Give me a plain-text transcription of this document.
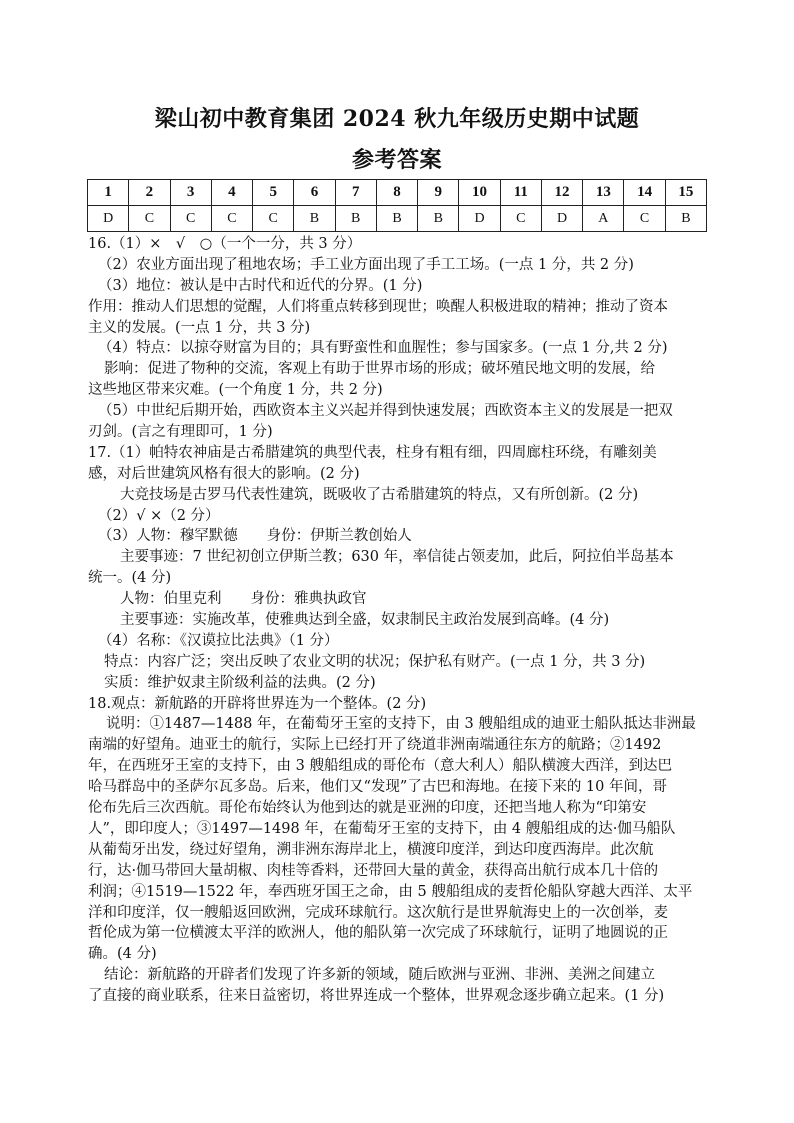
梁山初中教育集团 2024 秋九年级历史期中试题
参考答案
1	2	3	4	5	6	7	8	9	10	11	12	13	14	15
D	C	C	C	C	B	B	B	B	D	C	D	A	C	B
16.（1）×　√　○（一个一分，共 3 分）
（2）农业方面出现了租地农场；手工业方面出现了手工工场。(一点 1 分，共 2 分)
（3）地位：被认是中古时代和近代的分界。(1 分)
作用：推动人们思想的觉醒，人们将重点转移到现世；唤醒人积极进取的精神；推动了资本
主义的发展。(一点 1 分，共 3 分)
（4）特点：以掠夺财富为目的；具有野蛮性和血腥性；参与国家多。(一点 1 分,共 2 分)
影响：促进了物种的交流，客观上有助于世界市场的形成；破坏殖民地文明的发展，给
这些地区带来灾难。(一个角度 1 分，共 2 分)
（5）中世纪后期开始，西欧资本主义兴起并得到快速发展；西欧资本主义的发展是一把双
刃剑。(言之有理即可，1 分)
17.（1）帕特农神庙是古希腊建筑的典型代表，柱身有粗有细，四周廊柱环绕，有雕刻美
感，对后世建筑风格有很大的影响。(2 分)
大竞技场是古罗马代表性建筑，既吸收了古希腊建筑的特点，又有所创新。(2 分)
（2）√ ×（2 分）
（3）人物：穆罕默德　　身份：伊斯兰教创始人
主要事迹：7 世纪初创立伊斯兰教；630 年，率信徒占领麦加，此后，阿拉伯半岛基本
统一。(4 分)
人物：伯里克利　　身份：雅典执政官
主要事迹：实施改革，使雅典达到全盛，奴隶制民主政治发展到高峰。(4 分)
（4）名称：《汉谟拉比法典》（1 分）
特点：内容广泛；突出反映了农业文明的状况；保护私有财产。(一点 1 分，共 3 分)
实质：维护奴隶主阶级利益的法典。(2 分)
18.观点：新航路的开辟将世界连为一个整体。(2 分)
说明：①1487—1488 年，在葡萄牙王室的支持下，由 3 艘船组成的迪亚士船队抵达非洲最
南端的好望角。迪亚士的航行，实际上已经打开了绕道非洲南端通往东方的航路；②1492
年，在西班牙王室的支持下，由 3 艘船组成的哥伦布（意大利人）船队横渡大西洋，到达巴
哈马群岛中的圣萨尔瓦多岛。后来，他们又“发现”了古巴和海地。在接下来的 10 年间，哥
伦布先后三次西航。哥伦布始终认为他到达的就是亚洲的印度，还把当地人称为“印第安
人”，即印度人；③1497—1498 年，在葡萄牙王室的支持下，由 4 艘船组成的达·伽马船队
从葡萄牙出发，绕过好望角，溯非洲东海岸北上，横渡印度洋，到达印度西海岸。此次航
行，达·伽马带回大量胡椒、肉桂等香料，还带回大量的黄金，获得高出航行成本几十倍的
利润；④1519—1522 年，奉西班牙国王之命，由 5 艘船组成的麦哲伦船队穿越大西洋、太平
洋和印度洋，仅一艘船返回欧洲，完成环球航行。这次航行是世界航海史上的一次创举，麦
哲伦成为第一位横渡太平洋的欧洲人，他的船队第一次完成了环球航行，证明了地圆说的正
确。(4 分)
结论：新航路的开辟者们发现了许多新的领域，随后欧洲与亚洲、非洲、美洲之间建立
了直接的商业联系，往来日益密切，将世界连成一个整体，世界观念逐步确立起来。(1 分)
